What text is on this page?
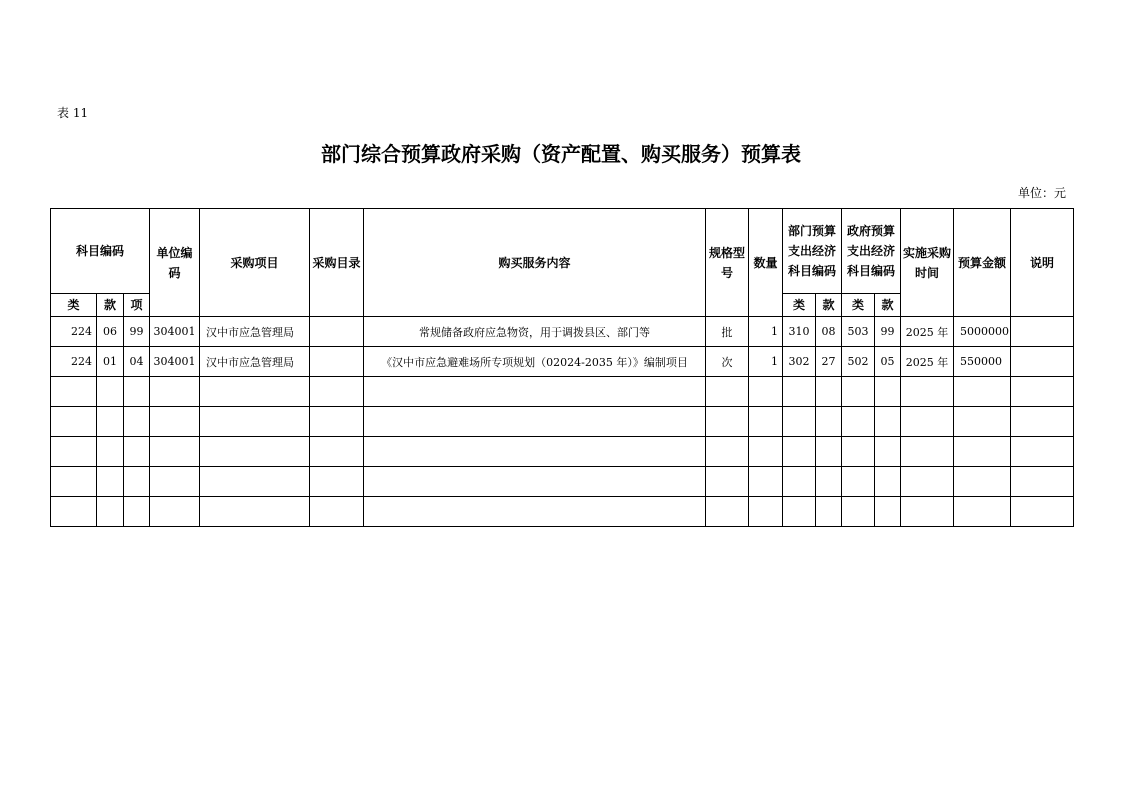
表 11
部门综合预算政府采购（资产配置、购买服务）预算表
单位：元
科目编码			单位编码	采购项目	采购目录	购买服务内容	规格型号	数量	部门预算支出经济科目编码		政府预算支出经济科目编码		实施采购时间	预算金额	说明
类	款	项							类	款	类	款			
224	06	99	304001	汉中市应急管理局		常规储备政府应急物资，用于调拨县区、部门等	批	1	310	08	503	99	2025 年	5000000	
224	01	04	304001	汉中市应急管理局		《汉中市应急避难场所专项规划（02024-2035 年）》编制项目	次	1	302	27	502	05	2025 年	550000	
